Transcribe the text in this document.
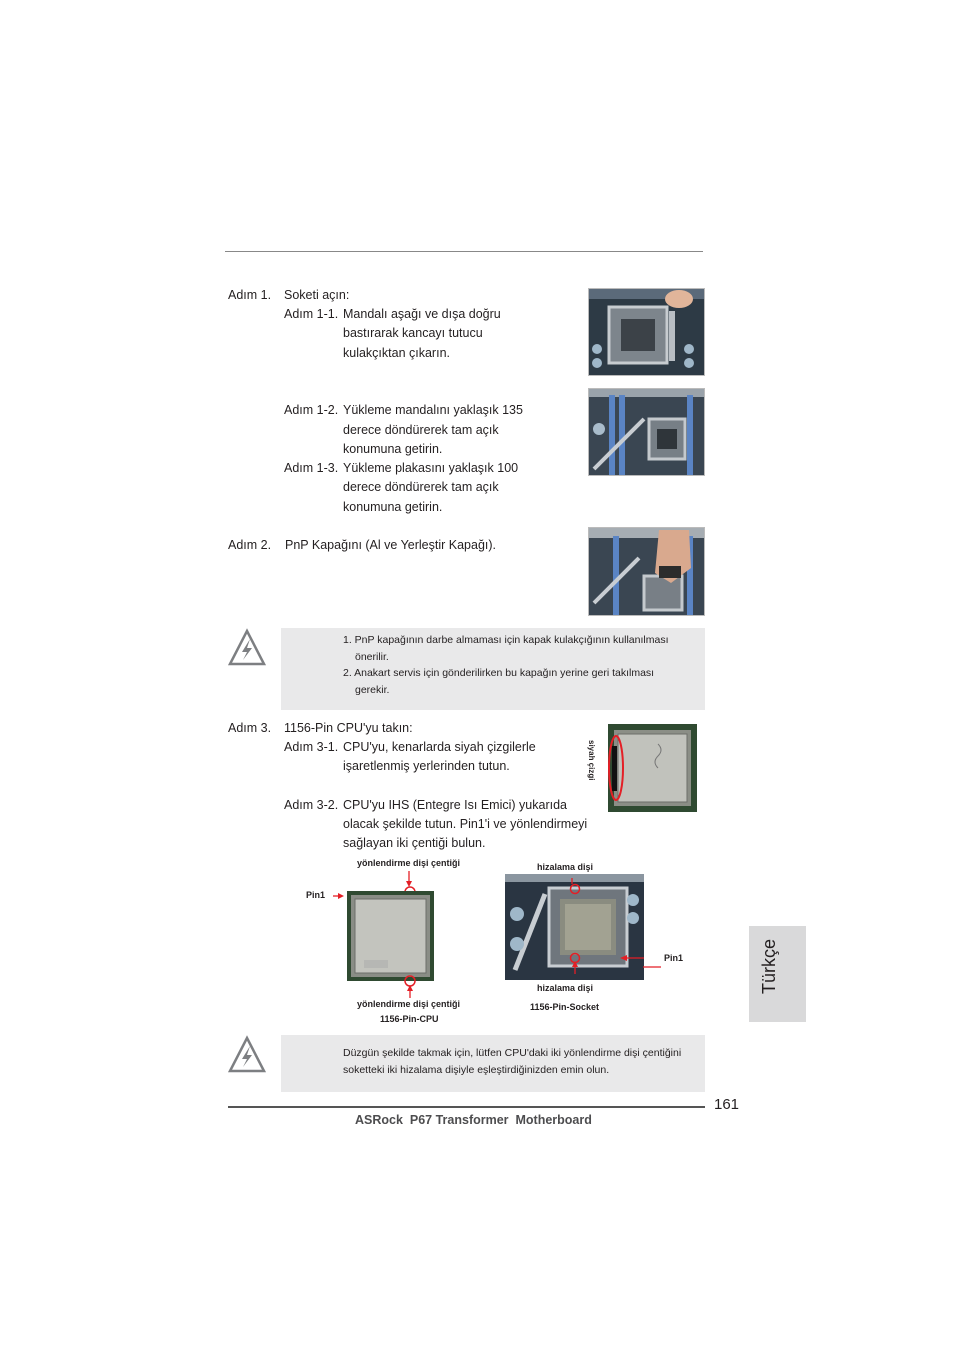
Adım 1. Soketi açın:
Adım 1-1. Mandalı aşağı ve dışa doğru
bastırarak kancayı tutucu
kulakçıktan çıkarın.
Adım 1-2. Yükleme mandalını yaklaşık 135
derece döndürerek tam açık
konumuna getirin.
Adım 1-3. Yükleme plakasını yaklaşık 100
derece döndürerek tam açık
konumuna getirin.
Adım 2. PnP Kapağını (Al ve Yerleştir Kapağı).
1. PnP kapağının darbe almaması için kapak kulakçığının kullanılması
önerilir.
2. Anakart servis için gönderilirken bu kapağın yerine geri takılması
gerekir.
Adım 3. 1156-Pin CPU'yu takın:
Adım 3-1. CPU'yu, kenarlarda siyah çizgilerle
işaretlenmiş yerlerinden tutun.
Adım 3-2. CPU'yu IHS (Entegre Isı Emici) yukarıda
olacak şekilde tutun. Pin1'i ve yönlendirmeyi
sağlayan iki çentiği bulun.
siyah çizgi
yönlendirme dişi çentiği
Pin1
yönlendirme dişi çentiği
1156-Pin-CPU
hizalama dişi
Pin1
hizalama dişi
1156-Pin-Socket
Türkçe
Düzgün şekilde takmak için, lütfen CPU'daki iki yönlendirme dişi çentiğini
soketteki iki hizalama dişiyle eşleştirdiğinizden emin olun.
161
ASRock  P67 Transformer  Motherboard
